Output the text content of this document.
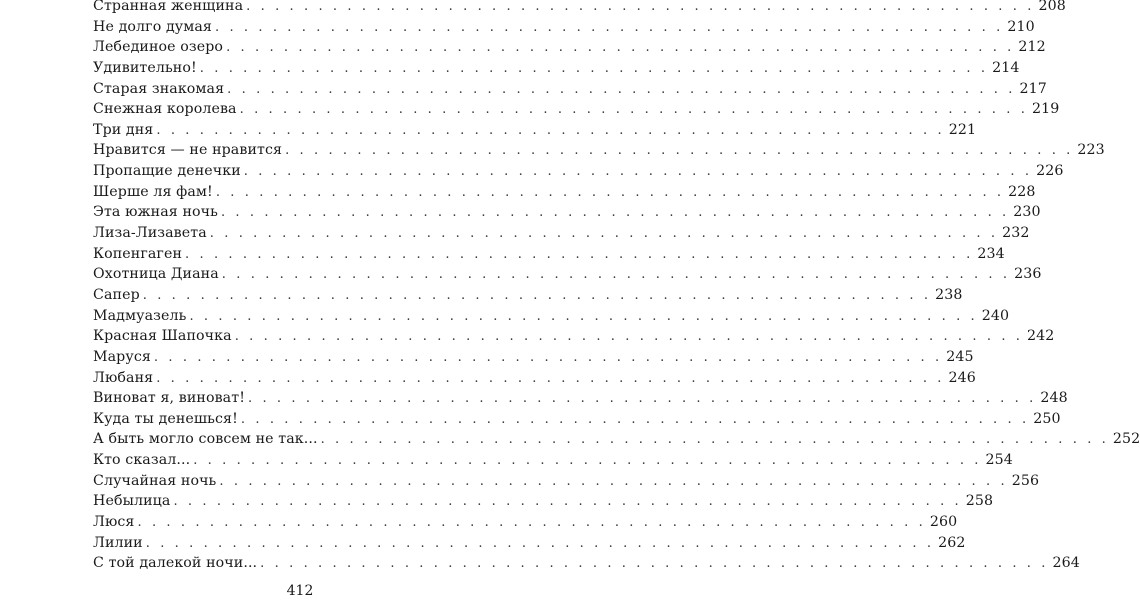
Странная женщина . . . . . . . . . . . . . . . . . . . . . . . . . . . . . . . . . . . . . . . . . . . . . . . . . . . . . . . 208
Не долго думая . . . . . . . . . . . . . . . . . . . . . . . . . . . . . . . . . . . . . . . . . . . . . . . . . . . . . . . 210
Лебединое озеро . . . . . . . . . . . . . . . . . . . . . . . . . . . . . . . . . . . . . . . . . . . . . . . . . . . . . . . 212
Удивительно! . . . . . . . . . . . . . . . . . . . . . . . . . . . . . . . . . . . . . . . . . . . . . . . . . . . . . . . 214
Старая знакомая . . . . . . . . . . . . . . . . . . . . . . . . . . . . . . . . . . . . . . . . . . . . . . . . . . . . . . . 217
Снежная королева . . . . . . . . . . . . . . . . . . . . . . . . . . . . . . . . . . . . . . . . . . . . . . . . . . . . . . . 219
Три дня . . . . . . . . . . . . . . . . . . . . . . . . . . . . . . . . . . . . . . . . . . . . . . . . . . . . . . . 221
Нравится — не нравится . . . . . . . . . . . . . . . . . . . . . . . . . . . . . . . . . . . . . . . . . . . . . . . . . . . . . . . 223
Пропащие денечки . . . . . . . . . . . . . . . . . . . . . . . . . . . . . . . . . . . . . . . . . . . . . . . . . . . . . . . 226
Шерше ля фам! . . . . . . . . . . . . . . . . . . . . . . . . . . . . . . . . . . . . . . . . . . . . . . . . . . . . . . . 228
Эта южная ночь . . . . . . . . . . . . . . . . . . . . . . . . . . . . . . . . . . . . . . . . . . . . . . . . . . . . . . . 230
Лиза-Лизавета . . . . . . . . . . . . . . . . . . . . . . . . . . . . . . . . . . . . . . . . . . . . . . . . . . . . . . . 232
Копенгаген . . . . . . . . . . . . . . . . . . . . . . . . . . . . . . . . . . . . . . . . . . . . . . . . . . . . . . . 234
Охотница Диана . . . . . . . . . . . . . . . . . . . . . . . . . . . . . . . . . . . . . . . . . . . . . . . . . . . . . . . 236
Сапер . . . . . . . . . . . . . . . . . . . . . . . . . . . . . . . . . . . . . . . . . . . . . . . . . . . . . . . 238
Мадмуазель . . . . . . . . . . . . . . . . . . . . . . . . . . . . . . . . . . . . . . . . . . . . . . . . . . . . . . . 240
Красная Шапочка . . . . . . . . . . . . . . . . . . . . . . . . . . . . . . . . . . . . . . . . . . . . . . . . . . . . . . . 242
Маруся . . . . . . . . . . . . . . . . . . . . . . . . . . . . . . . . . . . . . . . . . . . . . . . . . . . . . . . 245
Любаня . . . . . . . . . . . . . . . . . . . . . . . . . . . . . . . . . . . . . . . . . . . . . . . . . . . . . . . 246
Виноват я, виноват! . . . . . . . . . . . . . . . . . . . . . . . . . . . . . . . . . . . . . . . . . . . . . . . . . . . . . . . 248
Куда ты денешься! . . . . . . . . . . . . . . . . . . . . . . . . . . . . . . . . . . . . . . . . . . . . . . . . . . . . . . . 250
А быть могло совсем не так... . . . . . . . . . . . . . . . . . . . . . . . . . . . . . . . . . . . . . . . . . . . . . . . . . . . . . . . 252
Кто сказал... . . . . . . . . . . . . . . . . . . . . . . . . . . . . . . . . . . . . . . . . . . . . . . . . . . . . . . . 254
Случайная ночь . . . . . . . . . . . . . . . . . . . . . . . . . . . . . . . . . . . . . . . . . . . . . . . . . . . . . . . 256
Небылица . . . . . . . . . . . . . . . . . . . . . . . . . . . . . . . . . . . . . . . . . . . . . . . . . . . . . . . 258
Люся . . . . . . . . . . . . . . . . . . . . . . . . . . . . . . . . . . . . . . . . . . . . . . . . . . . . . . . 260
Лилии . . . . . . . . . . . . . . . . . . . . . . . . . . . . . . . . . . . . . . . . . . . . . . . . . . . . . . . 262
С той далекой ночи... . . . . . . . . . . . . . . . . . . . . . . . . . . . . . . . . . . . . . . . . . . . . . . . . . . . . . . . 264
412
